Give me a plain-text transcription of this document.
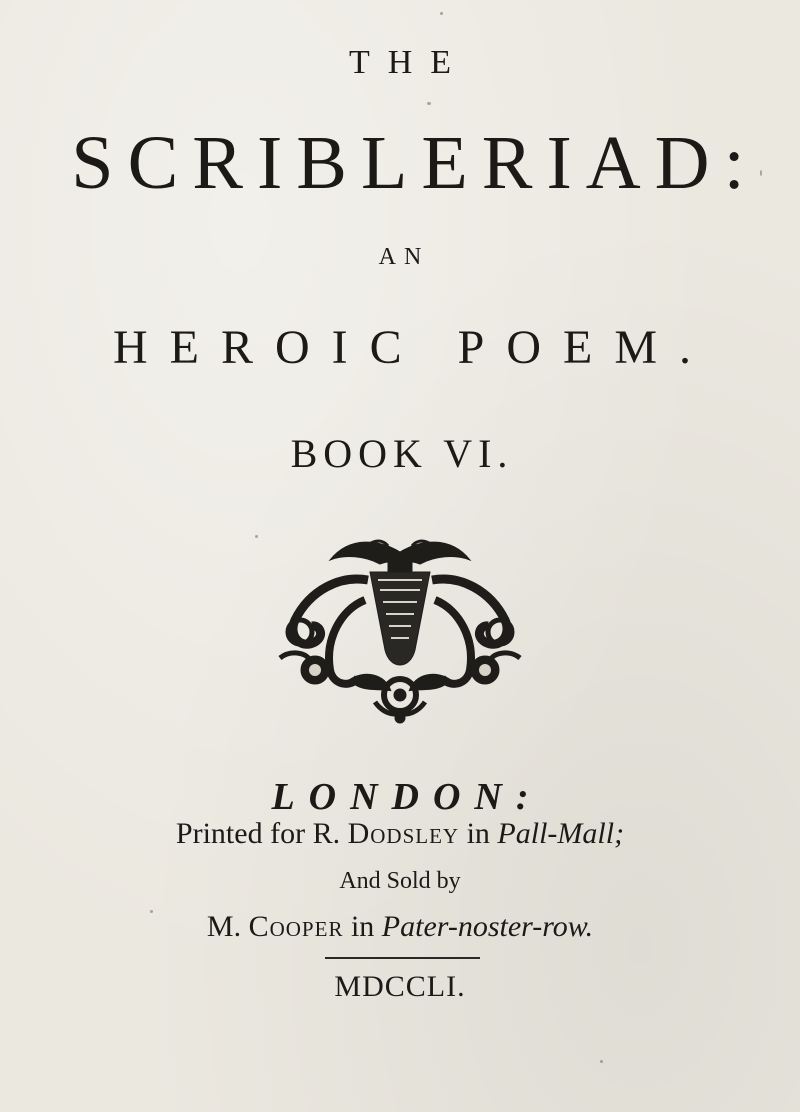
THE
SCRIBLERIAD:
AN
HEROIC POEM.
BOOK VI.
LONDON:
Printed for R. Dodsley in Pall-Mall;
And Sold by
M. Cooper in Pater-noster-row.
MDCCLI.
